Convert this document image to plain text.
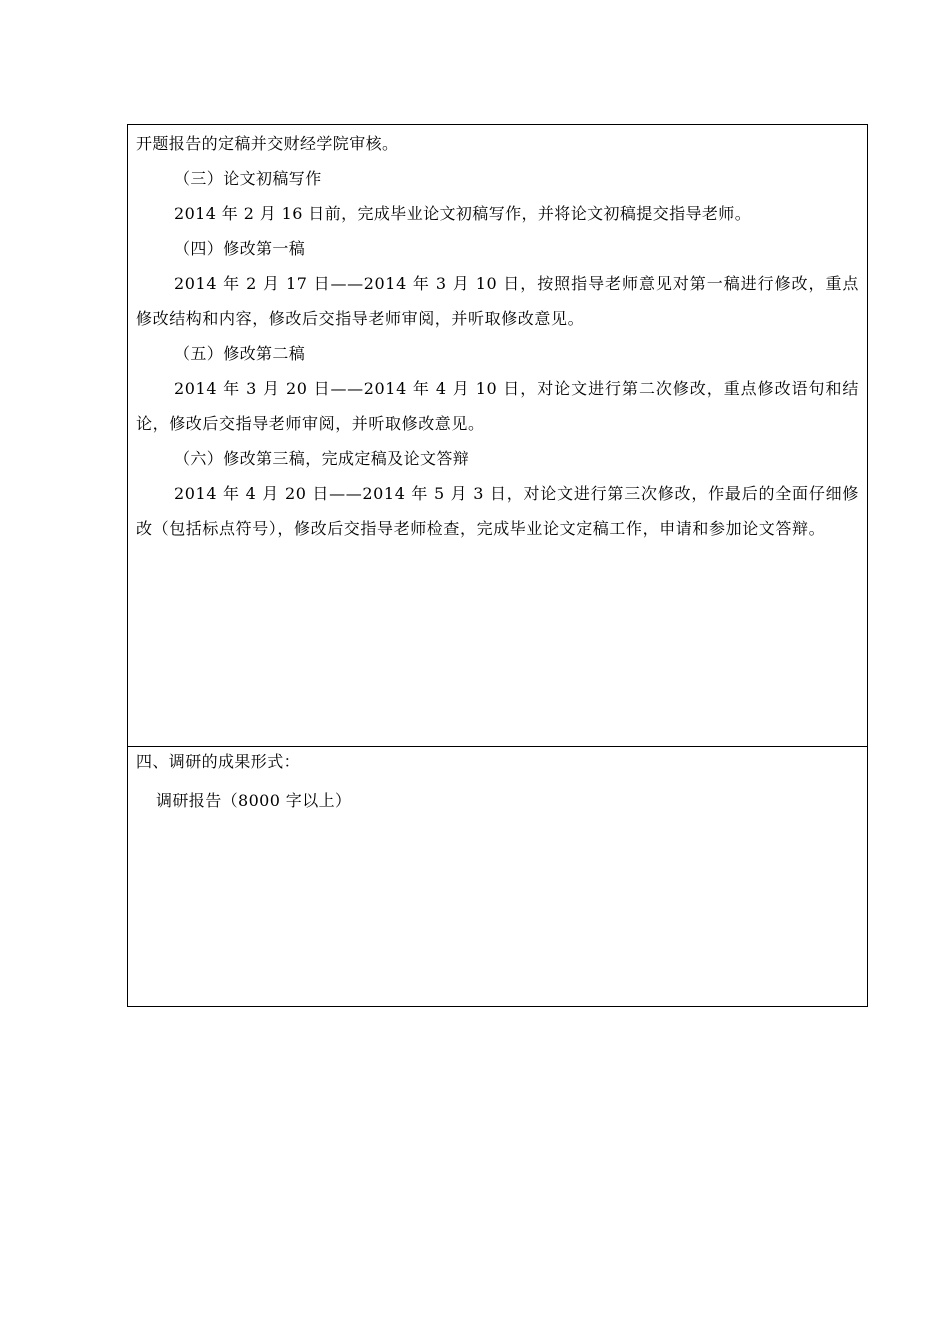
开题报告的定稿并交财经学院审核。

（三）论文初稿写作

2014 年 2 月 16 日前，完成毕业论文初稿写作，并将论文初稿提交指导老师。

（四）修改第一稿

2014 年 2 月 17 日——2014 年 3 月 10 日，按照指导老师意见对第一稿进行修改，重点修改结构和内容，修改后交指导老师审阅，并听取修改意见。

（五）修改第二稿

2014 年 3 月 20 日——2014 年 4 月 10 日，对论文进行第二次修改，重点修改语句和结论，修改后交指导老师审阅，并听取修改意见。

（六）修改第三稿，完成定稿及论文答辩

2014 年 4 月 20 日——2014 年 5 月 3 日，对论文进行第三次修改，作最后的全面仔细修改（包括标点符号），修改后交指导老师检查，完成毕业论文定稿工作，申请和参加论文答辩。

四、调研的成果形式：

调研报告（8000 字以上）
